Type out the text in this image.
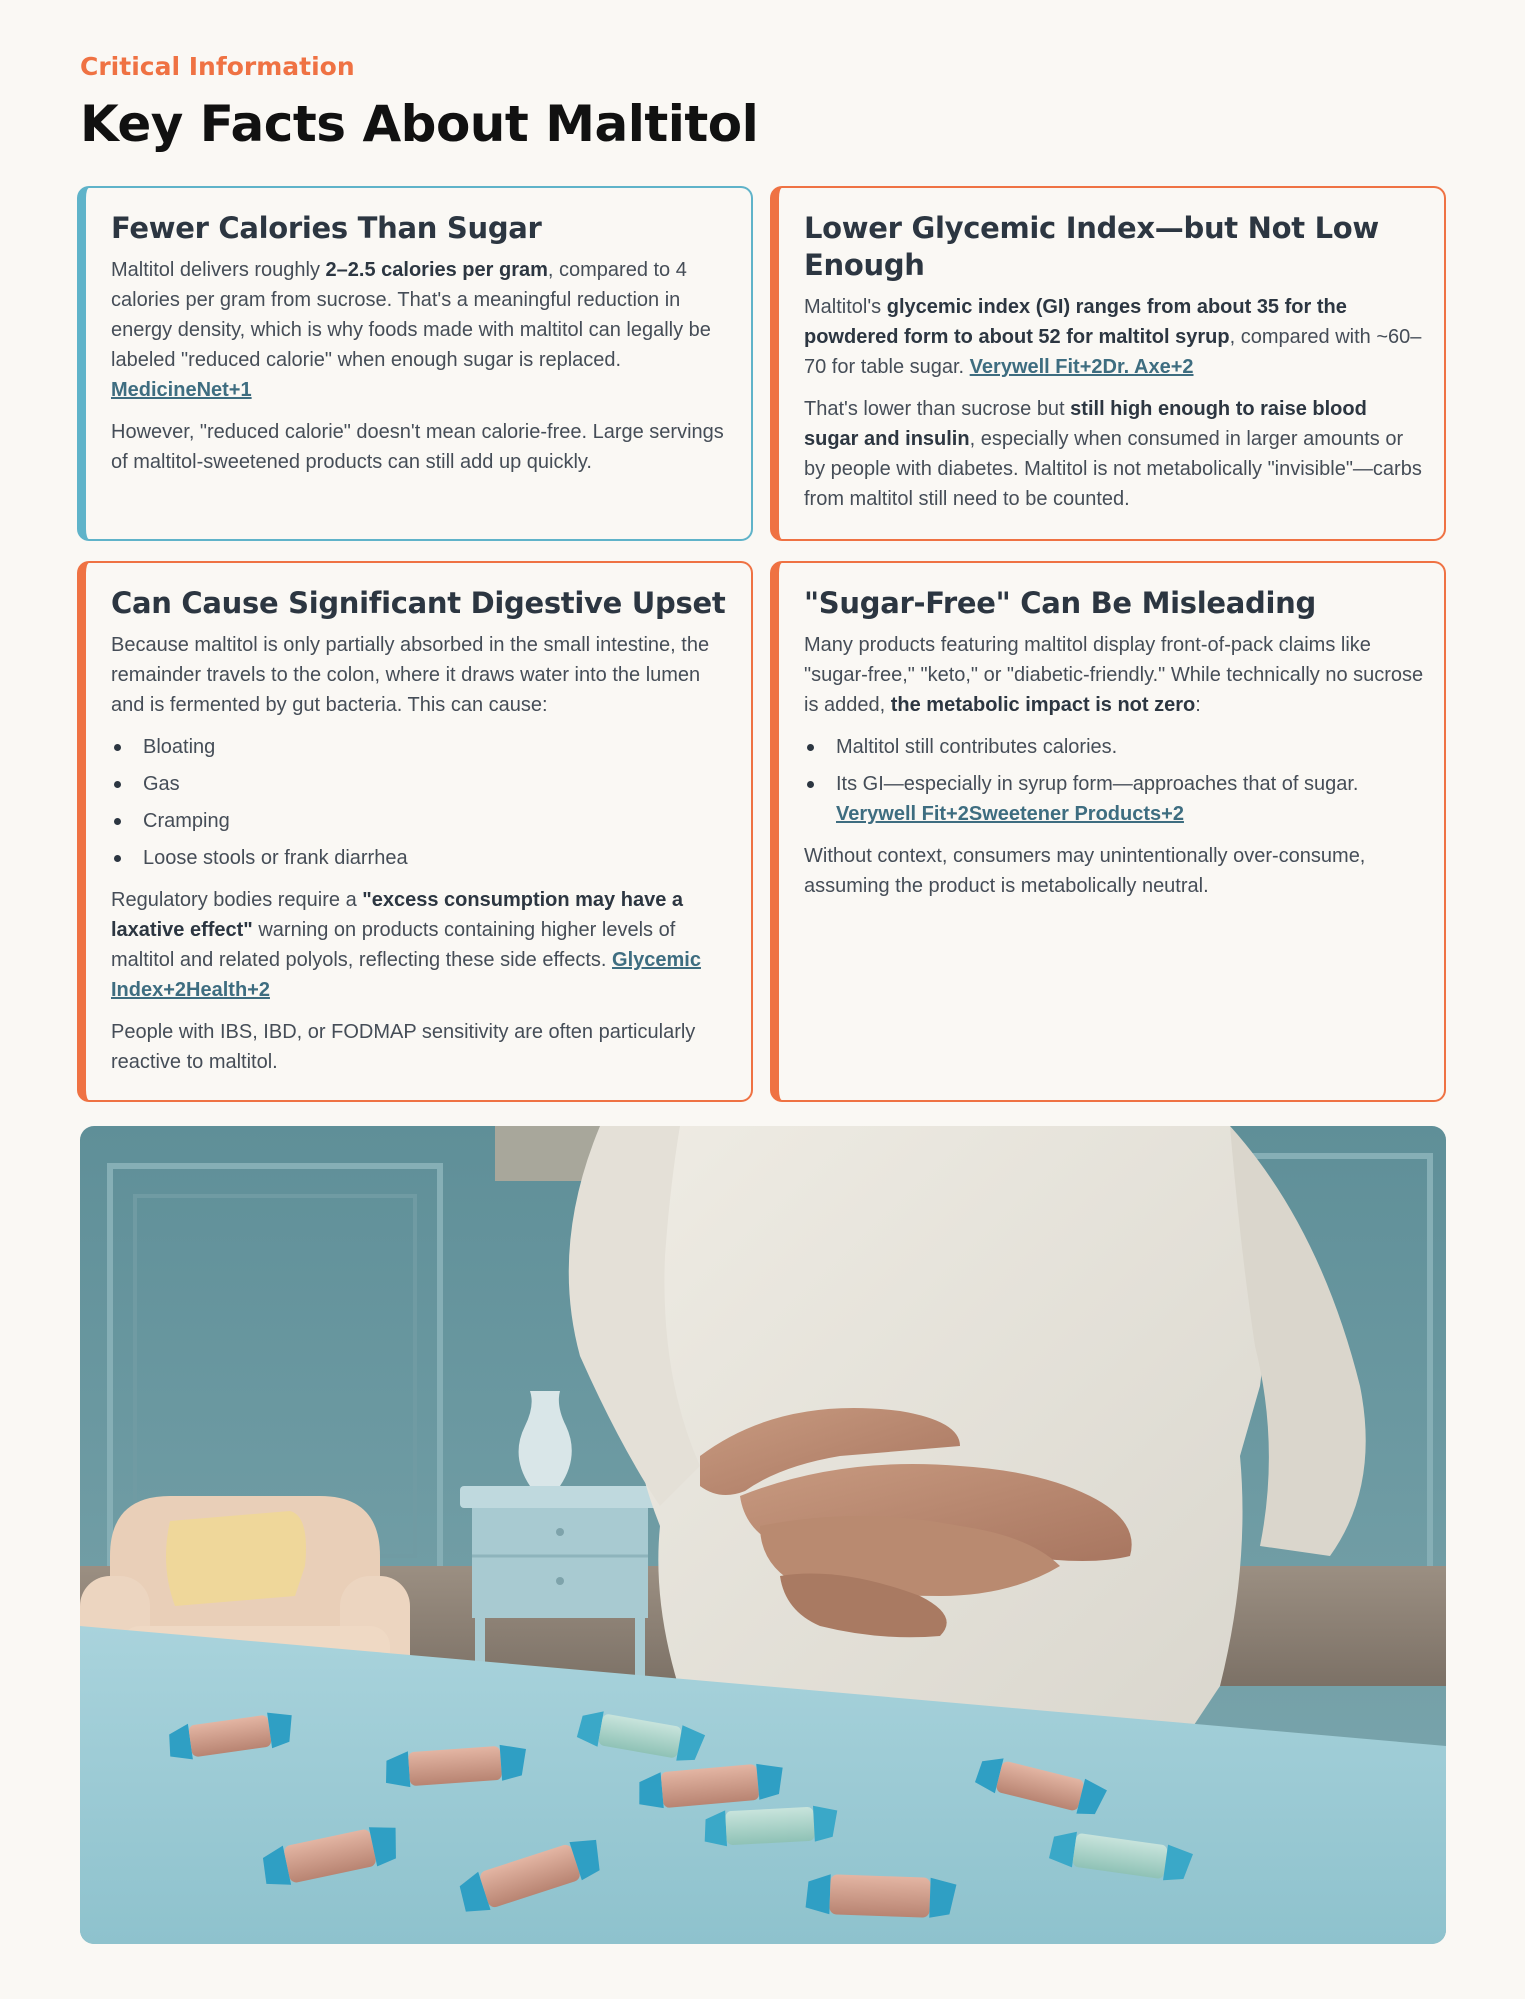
Critical Information
Key Facts About Maltitol
Fewer Calories Than Sugar

Maltitol delivers roughly 2–2.5 calories per gram, compared to 4 calories per gram from sucrose. That's a meaningful reduction in energy density, which is why foods made with maltitol can legally be labeled "reduced calorie" when enough sugar is replaced. MedicineNet+1

However, "reduced calorie" doesn't mean calorie-free. Large servings of maltitol-sweetened products can still add up quickly.

Lower Glycemic Index—but Not Low Enough

Maltitol's glycemic index (GI) ranges from about 35 for the powdered form to about 52 for maltitol syrup, compared with ~60–70 for table sugar. Verywell Fit+2Dr. Axe+2

That's lower than sucrose but still high enough to raise blood sugar and insulin, especially when consumed in larger amounts or by people with diabetes. Maltitol is not metabolically "invisible"—carbs from maltitol still need to be counted.

Can Cause Significant Digestive Upset

Because maltitol is only partially absorbed in the small intestine, the remainder travels to the colon, where it draws water into the lumen and is fermented by gut bacteria. This can cause:

Bloating
Gas
Cramping
Loose stools or frank diarrhea

Regulatory bodies require a "excess consumption may have a laxative effect" warning on products containing higher levels of maltitol and related polyols, reflecting these side effects. Glycemic Index+2Health+2

People with IBS, IBD, or FODMAP sensitivity are often particularly reactive to maltitol.

"Sugar-Free" Can Be Misleading

Many products featuring maltitol display front-of-pack claims like "sugar-free," "keto," or "diabetic-friendly." While technically no sucrose is added, the metabolic impact is not zero:

Maltitol still contributes calories.
Its GI—especially in syrup form—approaches that of sugar. Verywell Fit+2Sweetener Products+2

Without context, consumers may unintentionally over-consume, assuming the product is metabolically neutral.
